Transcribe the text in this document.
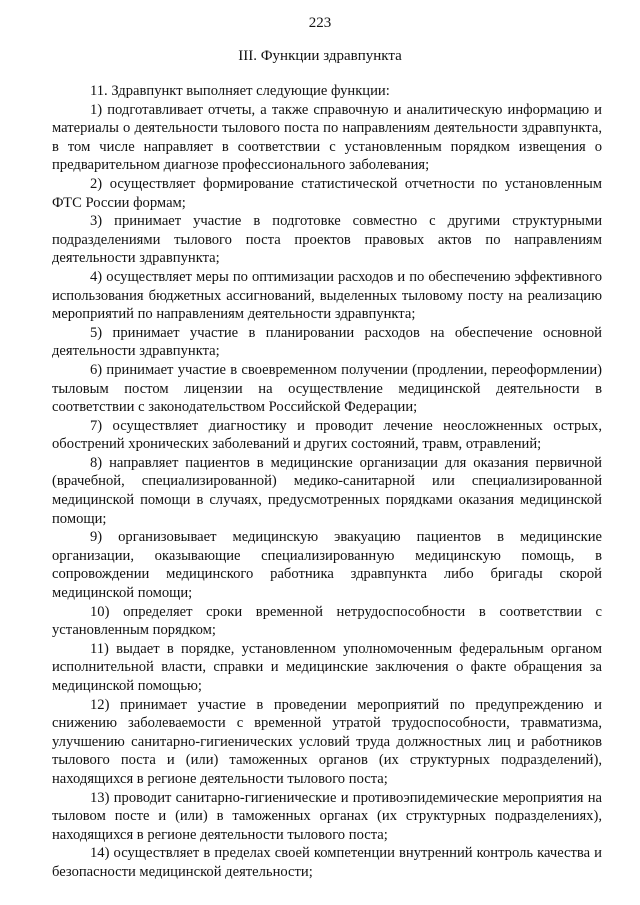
223
III. Функции здравпункта

11. Здравпункт выполняет следующие функции:

1) подготавливает отчеты, а также справочную и аналитическую информацию и материалы о деятельности тылового поста по направлениям деятельности здравпункта, в том числе направляет в соответствии с установленным порядком извещения о предварительном диагнозе профессионального заболевания;

2) осуществляет формирование статистической отчетности по установленным ФТС России формам;

3) принимает участие в подготовке совместно с другими структурными подразделениями тылового поста проектов правовых актов по направлениям деятельности здравпункта;

4) осуществляет меры по оптимизации расходов и по обеспечению эффективного использования бюджетных ассигнований, выделенных тыловому посту на реализацию мероприятий по направлениям деятельности здравпункта;

5) принимает участие в планировании расходов на обеспечение основной деятельности здравпункта;

6) принимает участие в своевременном получении (продлении, переоформлении) тыловым постом лицензии на осуществление медицинской деятельности в соответствии с законодательством Российской Федерации;

7) осуществляет диагностику и проводит лечение неосложненных острых, обострений хронических заболеваний и других состояний, травм, отравлений;

8) направляет пациентов в медицинские организации для оказания первичной (врачебной, специализированной) медико-санитарной или специализированной медицинской помощи в случаях, предусмотренных порядками оказания медицинской помощи;

9) организовывает медицинскую эвакуацию пациентов в медицинские организации, оказывающие специализированную медицинскую помощь, в сопровождении медицинского работника здравпункта либо бригады скорой медицинской помощи;

10) определяет сроки временной нетрудоспособности в соответствии с установленным порядком;

11) выдает в порядке, установленном уполномоченным федеральным органом исполнительной власти, справки и медицинские заключения о факте обращения за медицинской помощью;

12) принимает участие в проведении мероприятий по предупреждению и снижению заболеваемости с временной утратой трудоспособности, травматизма, улучшению санитарно-гигиенических условий труда должностных лиц и работников тылового поста и (или) таможенных органов (их структурных подразделений), находящихся в регионе деятельности тылового поста;

13) проводит санитарно-гигиенические и противоэпидемические мероприятия на тыловом посте и (или) в таможенных органах (их структурных подразделениях), находящихся в регионе деятельности тылового поста;

14) осуществляет в пределах своей компетенции внутренний контроль качества и безопасности медицинской деятельности;
